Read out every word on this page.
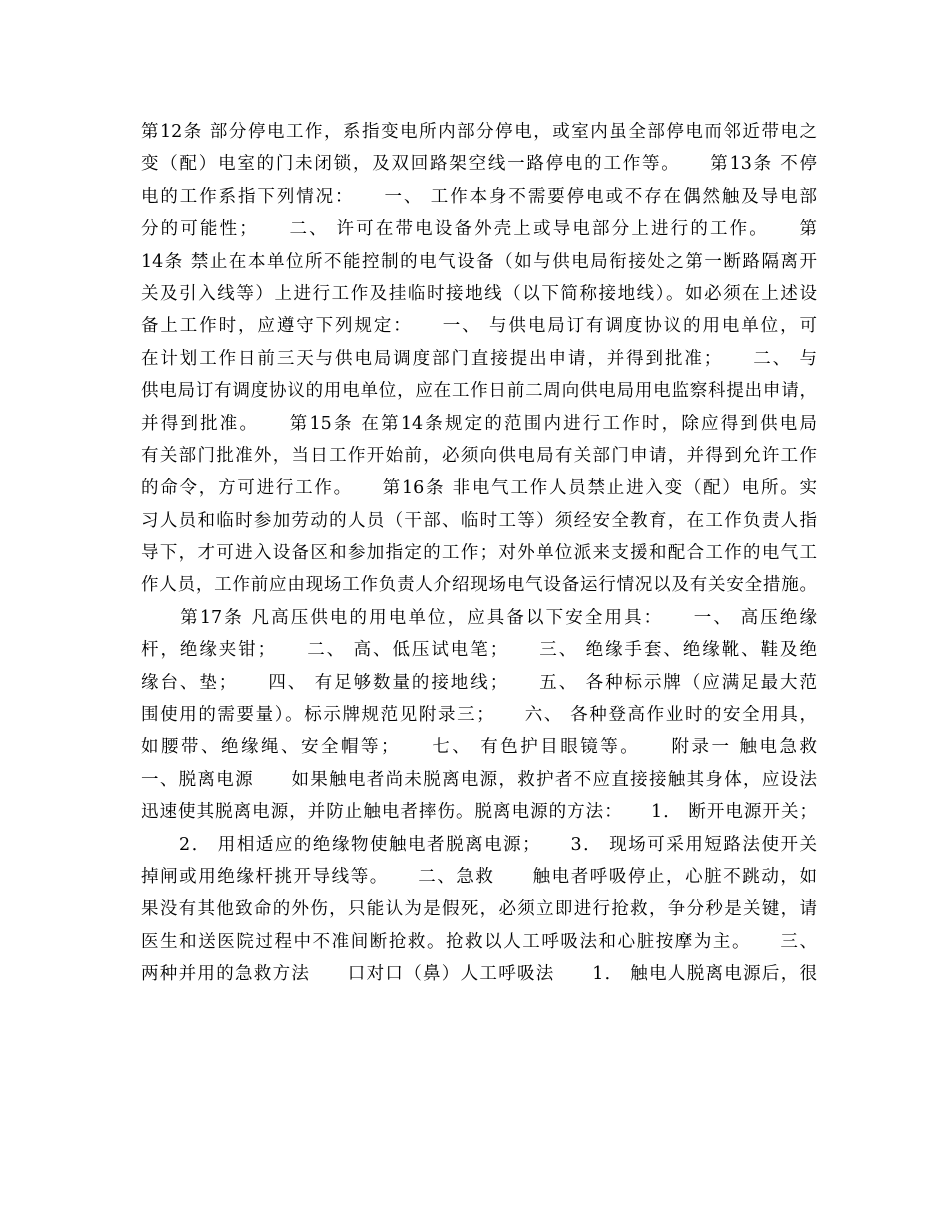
第12条 部分停电工作，系指变电所内部分停电，或室内虽全部停电而邻近带电之
变（配）电室的门未闭锁，及双回路架空线一路停电的工作等。　　第13条 不停
电的工作系指下列情况：　　一、 工作本身不需要停电或不存在偶然触及导电部
分的可能性；　　二、 许可在带电设备外壳上或导电部分上进行的工作。　　第
14条 禁止在本单位所不能控制的电气设备（如与供电局衔接处之第一断路隔离开
关及引入线等）上进行工作及挂临时接地线（以下简称接地线）。如必须在上述设
备上工作时，应遵守下列规定：　　一、 与供电局订有调度协议的用电单位，可
在计划工作日前三天与供电局调度部门直接提出申请，并得到批准；　　二、 与
供电局订有调度协议的用电单位，应在工作日前二周向供电局用电监察科提出申请，
并得到批准。　　第15条 在第14条规定的范围内进行工作时，除应得到供电局
有关部门批准外，当日工作开始前，必须向供电局有关部门申请，并得到允许工作
的命令，方可进行工作。　　第16条 非电气工作人员禁止进入变（配）电所。实
习人员和临时参加劳动的人员（干部、临时工等）须经安全教育，在工作负责人指
导下，才可进入设备区和参加指定的工作；对外单位派来支援和配合工作的电气工
作人员，工作前应由现场工作负责人介绍现场电气设备运行情况以及有关安全措施。
　　第17条 凡高压供电的用电单位，应具备以下安全用具：　　一、 高压绝缘
杆，绝缘夹钳；　　二、 高、低压试电笔；　　三、 绝缘手套、绝缘靴、鞋及绝
缘台、垫；　　四、 有足够数量的接地线；　　五、 各种标示牌（应满足最大范
围使用的需要量）。标示牌规范见附录三；　　六、 各种登高作业时的安全用具，
如腰带、绝缘绳、安全帽等；　　七、 有色护目眼镜等。　　附录一 触电急救
一、脱离电源　　如果触电者尚未脱离电源，救护者不应直接接触其身体，应设法
迅速使其脱离电源，并防止触电者摔伤。脱离电源的方法：　　1． 断开电源开关；
　　2． 用相适应的绝缘物使触电者脱离电源；　　3． 现场可采用短路法使开关
掉闸或用绝缘杆挑开导线等。　　二、急救　　触电者呼吸停止，心脏不跳动，如
果没有其他致命的外伤，只能认为是假死，必须立即进行抢救，争分秒是关键，请
医生和送医院过程中不准间断抢救。抢救以人工呼吸法和心脏按摩为主。　　三、
两种并用的急救方法　　口对口（鼻）人工呼吸法　　1． 触电人脱离电源后，很
